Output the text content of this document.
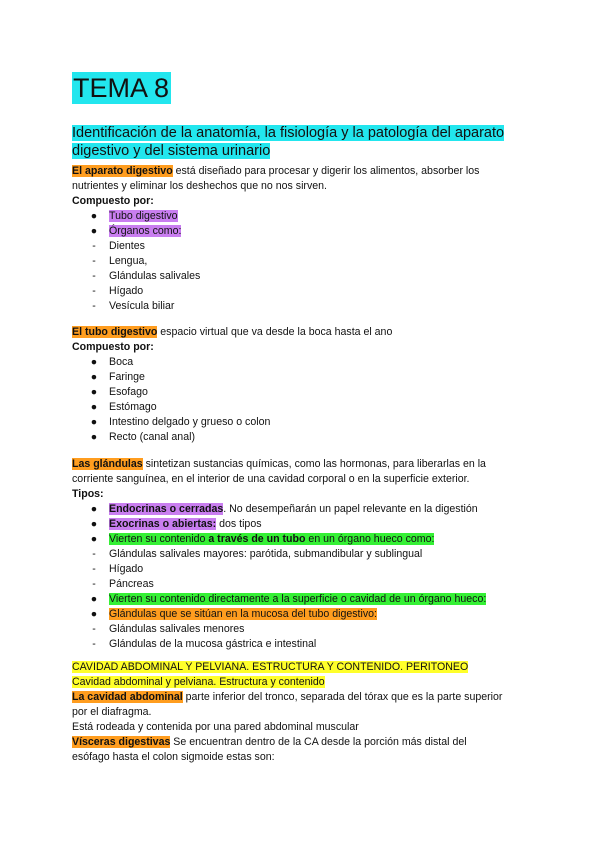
TEMA 8
Identificación de la anatomía, la fisiología y la patología del aparato digestivo y del sistema urinario
El aparato digestivo está diseñado para procesar y digerir los alimentos, absorber los
nutrientes y eliminar los deshechos que no nos sirven.
Compuesto por:
● Tubo digestivo
● Órganos como:
-	Dientes
-	Lengua,
-	Glándulas salivales
-	Hígado
-	Vesícula biliar
El tubo digestivo espacio virtual que va desde la boca hasta el ano
Compuesto por:
● Boca
● Faringe
● Esofago
● Estómago
● Intestino delgado y grueso o colon
● Recto (canal anal)
Las glándulas sintetizan sustancias químicas, como las hormonas, para liberarlas en la
corriente sanguínea, en el interior de una cavidad corporal o en la superficie exterior.
Tipos:
● Endocrinas o cerradas. No desempeñarán un papel relevante en la digestión
● Exocrinas o abiertas: dos tipos
● Vierten su contenido a través de un tubo en un órgano hueco como:
-	Glándulas salivales mayores: parótida, submandibular y sublingual
-	Hígado
-	Páncreas
● Vierten su contenido directamente a la superficie o cavidad de un órgano hueco:
● Glándulas que se sitúan en la mucosa del tubo digestivo:
-	Glándulas salivales menores
-	Glándulas de la mucosa gástrica e intestinal
CAVIDAD ABDOMINAL Y PELVIANA. ESTRUCTURA Y CONTENIDO. PERITONEO
Cavidad abdominal y pelviana. Estructura y contenido
La cavidad abdominal parte inferior del tronco, separada del tórax que es la parte superior
por el diafragma.
Está rodeada y contenida por una pared abdominal muscular
Vísceras digestivas Se encuentran dentro de la CA desde la porción más distal del
esófago hasta el colon sigmoide estas son:
